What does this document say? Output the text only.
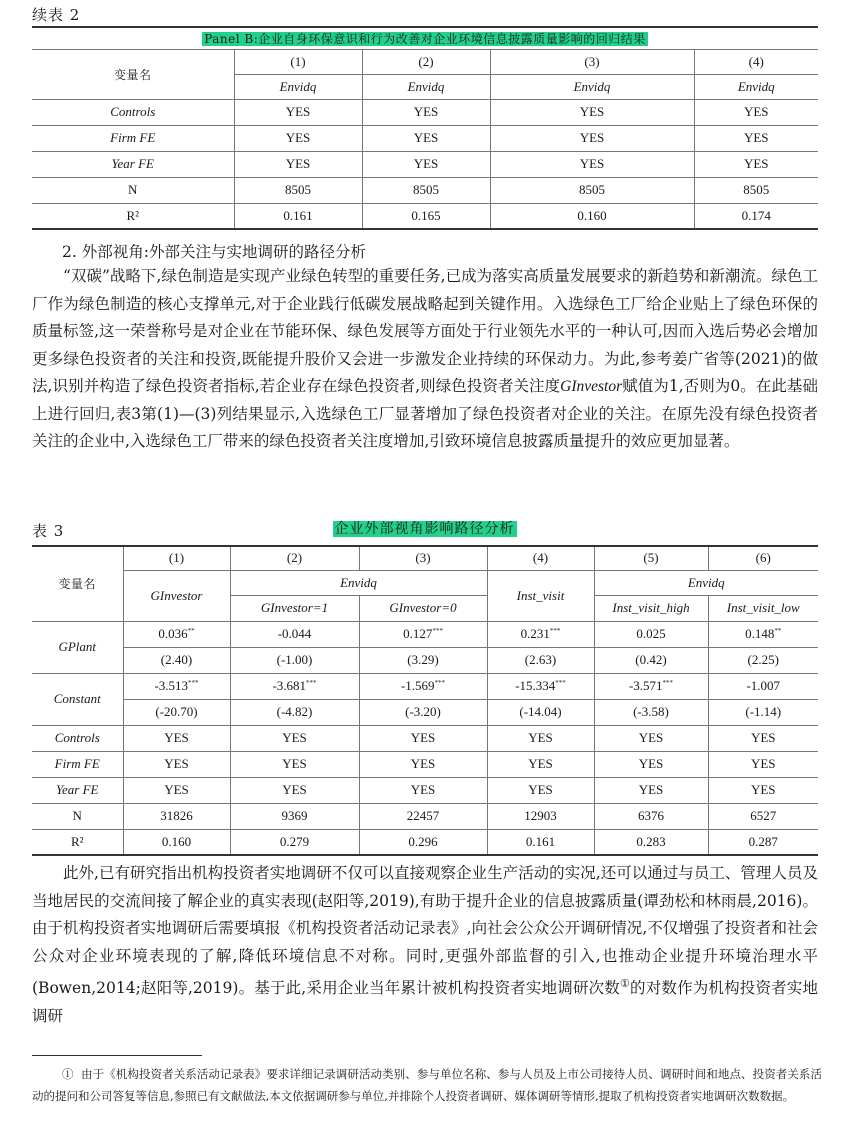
续表 2
Panel B:企业自身环保意识和行为改善对企业环境信息披露质量影响的回归结果				
变量名	(1)	(2)	(3)	(4)
	Envidq	Envidq	Envidq	Envidq
Controls	YES	YES	YES	YES
Firm FE	YES	YES	YES	YES
Year FE	YES	YES	YES	YES
N	8505	8505	8505	8505
R²	0.161	0.165	0.160	0.174
2. 外部视角:外部关注与实地调研的路径分析

“双碳”战略下,绿色制造是实现产业绿色转型的重要任务,已成为落实高质量发展要求的新趋势和新潮流。绿色工厂作为绿色制造的核心支撑单元,对于企业践行低碳发展战略起到关键作用。入选绿色工厂给企业贴上了绿色环保的质量标签,这一荣誉称号是对企业在节能环保、绿色发展等方面处于行业领先水平的一种认可,因而入选后势必会增加更多绿色投资者的关注和投资,既能提升股价又会进一步激发企业持续的环保动力。为此,参考姜广省等(2021)的做法,识别并构造了绿色投资者指标,若企业存在绿色投资者,则绿色投资者关注度GInvestor赋值为1,否则为0。在此基础上进行回归,表3第(1)—(3)列结果显示,入选绿色工厂显著增加了绿色投资者对企业的关注。在原先没有绿色投资者关注的企业中,入选绿色工厂带来的绿色投资者关注度增加,引致环境信息披露质量提升的效应更加显著。

表 3	企业外部视角影响路径分析
变量名	(1)	(2)	(3)	(4)	(5)	(6)
	GInvestor	Envidq		Inst_visit	Envidq	
		GInvestor=1	GInvestor=0		Inst_visit_high	Inst_visit_low
GPlant	0.036**	-0.044	0.127***	0.231***	0.025	0.148**
	(2.40)	(-1.00)	(3.29)	(2.63)	(0.42)	(2.25)
Constant	-3.513***	-3.681***	-1.569***	-15.334***	-3.571***	-1.007
	(-20.70)	(-4.82)	(-3.20)	(-14.04)	(-3.58)	(-1.14)
Controls	YES	YES	YES	YES	YES	YES
Firm FE	YES	YES	YES	YES	YES	YES
Year FE	YES	YES	YES	YES	YES	YES
N	31826	9369	22457	12903	6376	6527
R²	0.160	0.279	0.296	0.161	0.283	0.287

此外,已有研究指出机构投资者实地调研不仅可以直接观察企业生产活动的实况,还可以通过与员工、管理人员及当地居民的交流间接了解企业的真实表现(赵阳等,2019),有助于提升企业的信息披露质量(谭劲松和林雨晨,2016)。由于机构投资者实地调研后需要填报《机构投资者活动记录表》,向社会公众公开调研情况,不仅增强了投资者和社会公众对企业环境表现的了解,降低环境信息不对称。同时,更强外部监督的引入,也推动企业提升环境治理水平(Bowen,2014;赵阳等,2019)。基于此,采用企业当年累计被机构投资者实地调研次数①的对数作为机构投资者实地调研

① 由于《机构投资者关系活动记录表》要求详细记录调研活动类别、参与单位名称、参与人员及上市公司接待人员、调研时间和地点、投资者关系活动的提问和公司答复等信息,参照已有文献做法,本文依据调研参与单位,并排除个人投资者调研、媒体调研等情形,提取了机构投资者实地调研次数数据。
